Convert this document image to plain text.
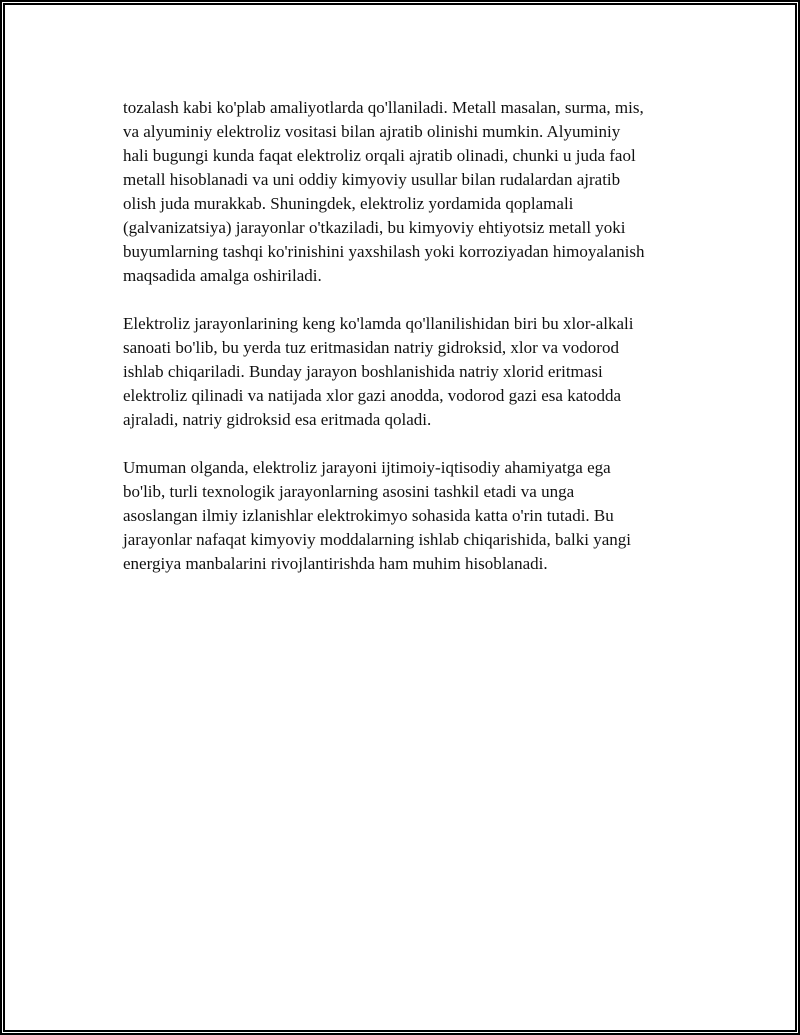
tozalash kabi ko'plab amaliyotlarda qo'llaniladi. Metall masalan, surma, mis,
va alyuminiy elektroliz vositasi bilan ajratib olinishi mumkin. Alyuminiy
hali bugungi kunda faqat elektroliz orqali ajratib olinadi, chunki u juda faol
metall hisoblanadi va uni oddiy kimyoviy usullar bilan rudalardan ajratib
olish juda murakkab. Shuningdek, elektroliz yordamida qoplamali
(galvanizatsiya) jarayonlar o'tkaziladi, bu kimyoviy ehtiyotsiz metall yoki
buyumlarning tashqi ko'rinishini yaxshilash yoki korroziyadan himoyalanish
maqsadida amalga oshiriladi.
Elektroliz jarayonlarining keng ko'lamda qo'llanilishidan biri bu xlor-alkali
sanoati bo'lib, bu yerda tuz eritmasidan natriy gidroksid, xlor va vodorod
ishlab chiqariladi. Bunday jarayon boshlanishida natriy xlorid eritmasi
elektroliz qilinadi va natijada xlor gazi anodda, vodorod gazi esa katodda
ajraladi, natriy gidroksid esa eritmada qoladi.
Umuman olganda, elektroliz jarayoni ijtimoiy-iqtisodiy ahamiyatga ega
bo'lib, turli texnologik jarayonlarning asosini tashkil etadi va unga
asoslangan ilmiy izlanishlar elektrokimyo sohasida katta o'rin tutadi. Bu
jarayonlar nafaqat kimyoviy moddalarning ishlab chiqarishida, balki yangi
energiya manbalarini rivojlantirishda ham muhim hisoblanadi.
